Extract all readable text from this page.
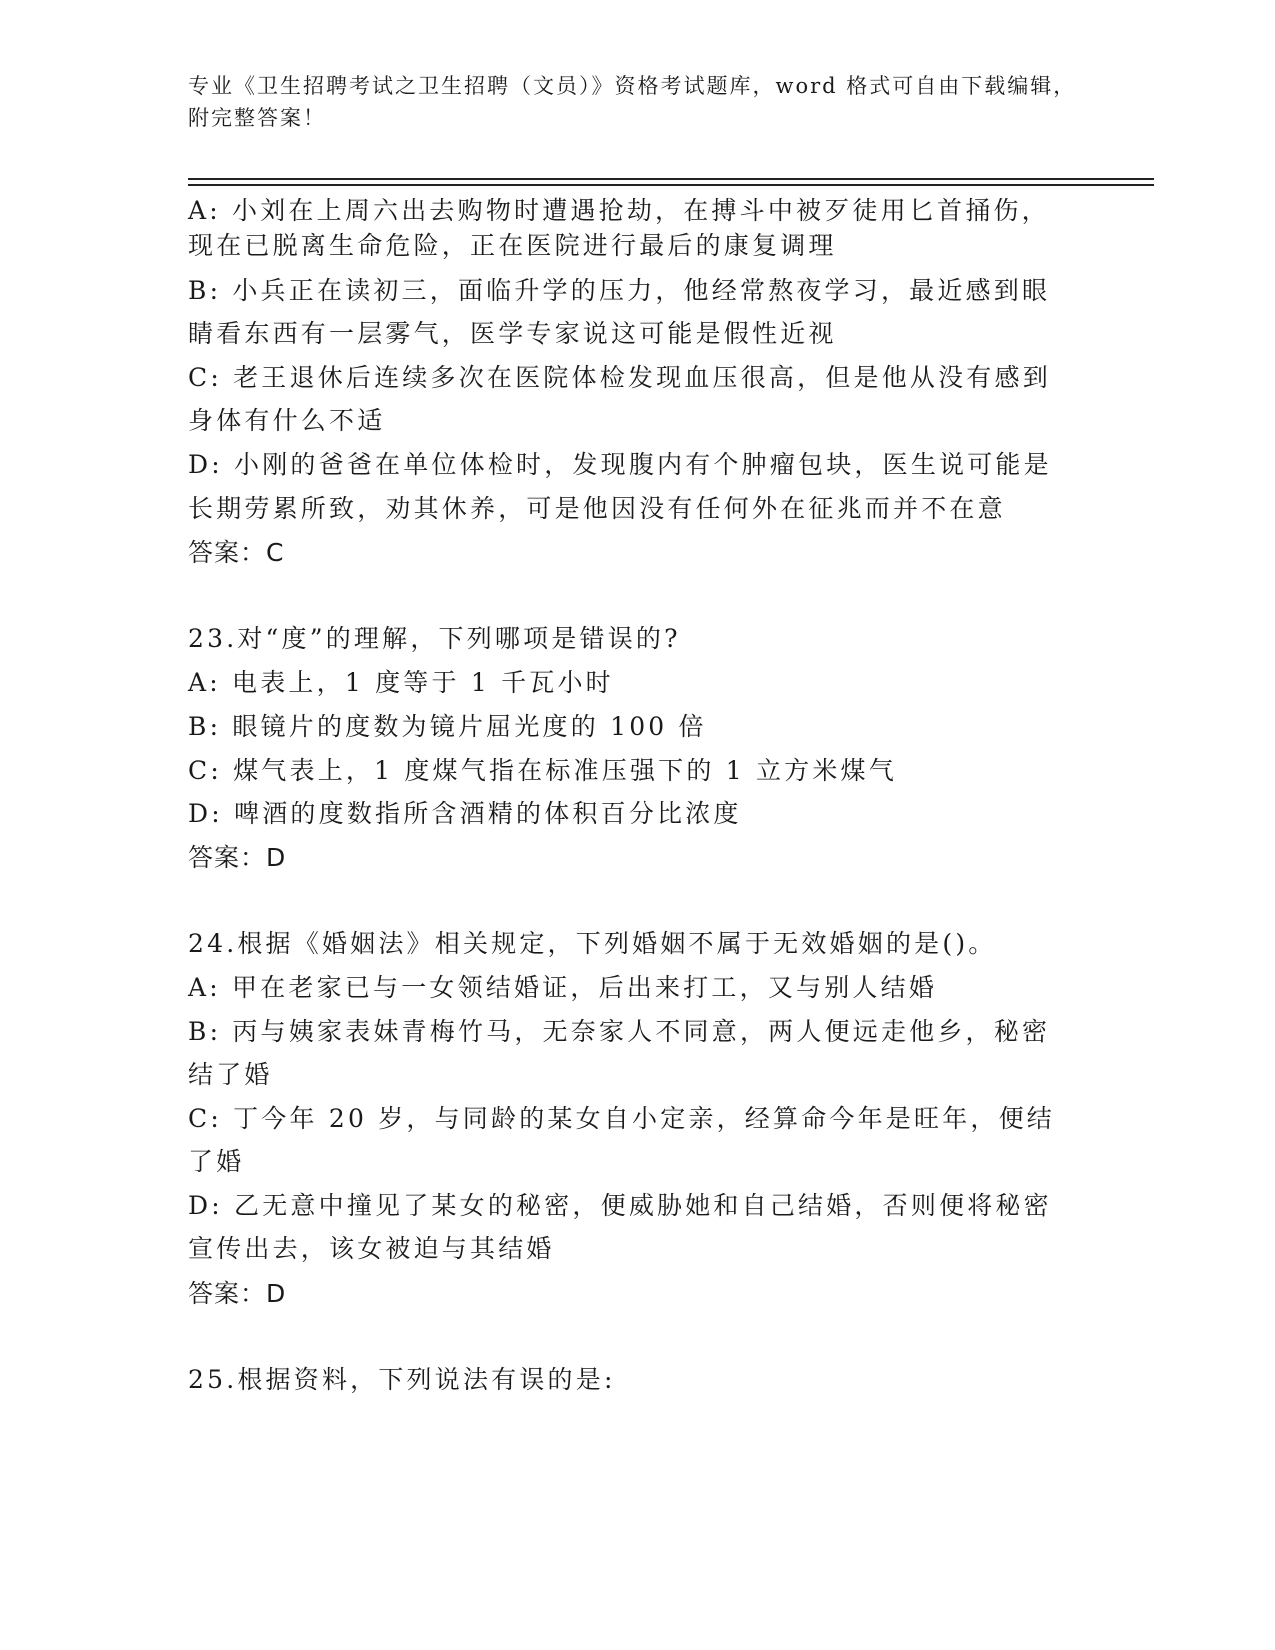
专业《卫生招聘考试之卫生招聘（文员）》资格考试题库，word 格式可自由下载编辑，附完整答案！
A: 小刘在上周六出去购物时遭遇抢劫，在搏斗中被歹徒用匕首捅伤，
现在已脱离生命危险，正在医院进行最后的康复调理
B: 小兵正在读初三，面临升学的压力，他经常熬夜学习，最近感到眼
睛看东西有一层雾气，医学专家说这可能是假性近视
C: 老王退休后连续多次在医院体检发现血压很高，但是他从没有感到
身体有什么不适
D: 小刚的爸爸在单位体检时，发现腹内有个肿瘤包块，医生说可能是
长期劳累所致，劝其休养，可是他因没有任何外在征兆而并不在意
答案：C
23.对“度”的理解，下列哪项是错误的?
A: 电表上，1 度等于 1 千瓦小时
B: 眼镜片的度数为镜片屈光度的 100 倍
C: 煤气表上，1 度煤气指在标准压强下的 1 立方米煤气
D: 啤酒的度数指所含酒精的体积百分比浓度
答案：D
24.根据《婚姻法》相关规定，下列婚姻不属于无效婚姻的是()。
A: 甲在老家已与一女领结婚证，后出来打工，又与别人结婚
B: 丙与姨家表妹青梅竹马，无奈家人不同意，两人便远走他乡，秘密
结了婚
C: 丁今年 20 岁，与同龄的某女自小定亲，经算命今年是旺年，便结
了婚
D: 乙无意中撞见了某女的秘密，便威胁她和自己结婚，否则便将秘密
宣传出去，该女被迫与其结婚
答案：D
25.根据资料，下列说法有误的是:
